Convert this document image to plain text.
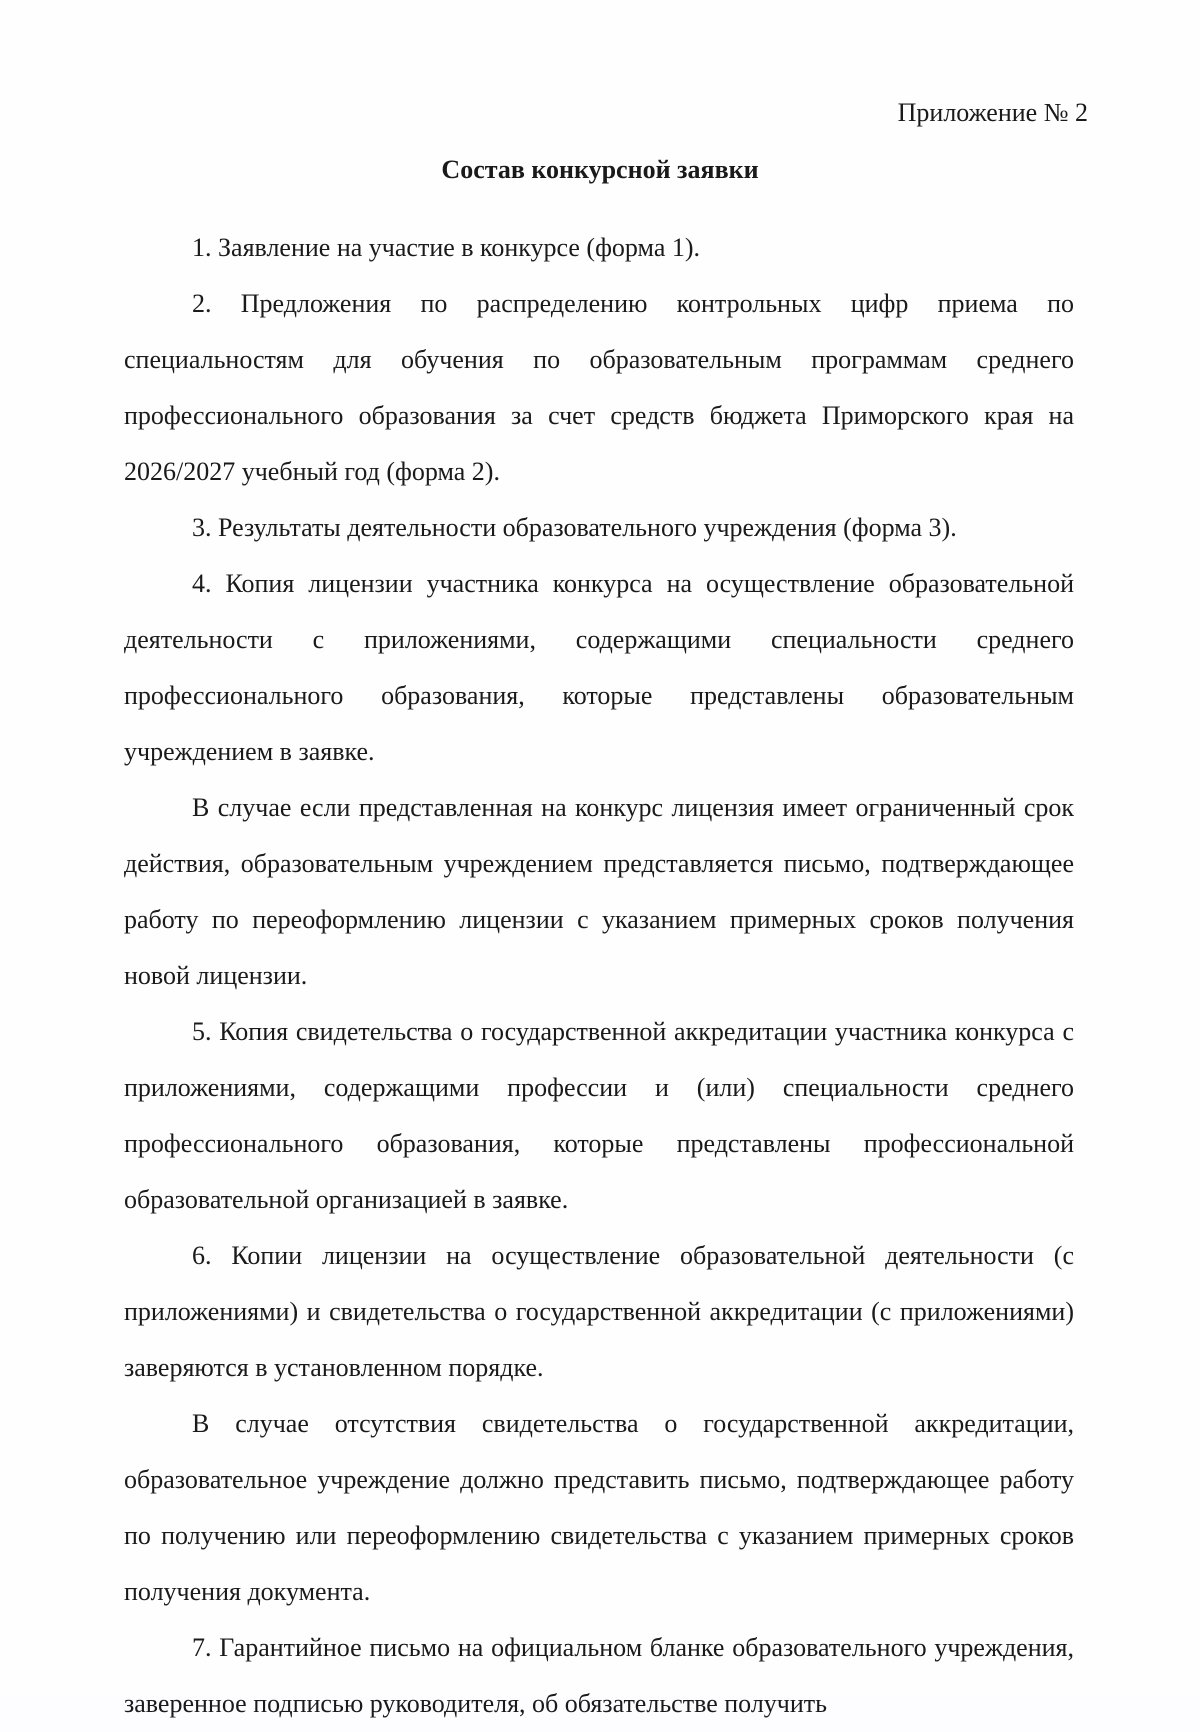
Приложение № 2

Состав конкурсной заявки

1. Заявление на участие в конкурсе (форма 1).

2. Предложения по распределению контрольных цифр приема по специальностям для обучения по образовательным программам среднего профессионального образования за счет средств бюджета Приморского края на 2026/2027 учебный год (форма 2).

3. Результаты деятельности образовательного учреждения (форма 3).

4. Копия лицензии участника конкурса на осуществление образовательной деятельности с приложениями, содержащими специальности среднего профессионального образования, которые представлены образовательным учреждением в заявке.

В случае если представленная на конкурс лицензия имеет ограниченный срок действия, образовательным учреждением представляется письмо, подтверждающее работу по переоформлению лицензии с указанием примерных сроков получения новой лицензии.

5. Копия свидетельства о государственной аккредитации участника конкурса с приложениями, содержащими профессии и (или) специальности среднего профессионального образования, которые представлены профессиональной образовательной организацией в заявке.

6. Копии лицензии на осуществление образовательной деятельности (с приложениями) и свидетельства о государственной аккредитации (с приложениями) заверяются в установленном порядке.

В случае отсутствия свидетельства о государственной аккредитации, образовательное учреждение должно представить письмо, подтверждающее работу по получению или переоформлению свидетельства с указанием примерных сроков получения документа.

7. Гарантийное письмо на официальном бланке образовательного учреждения, заверенное подписью руководителя, об обязательстве получить
